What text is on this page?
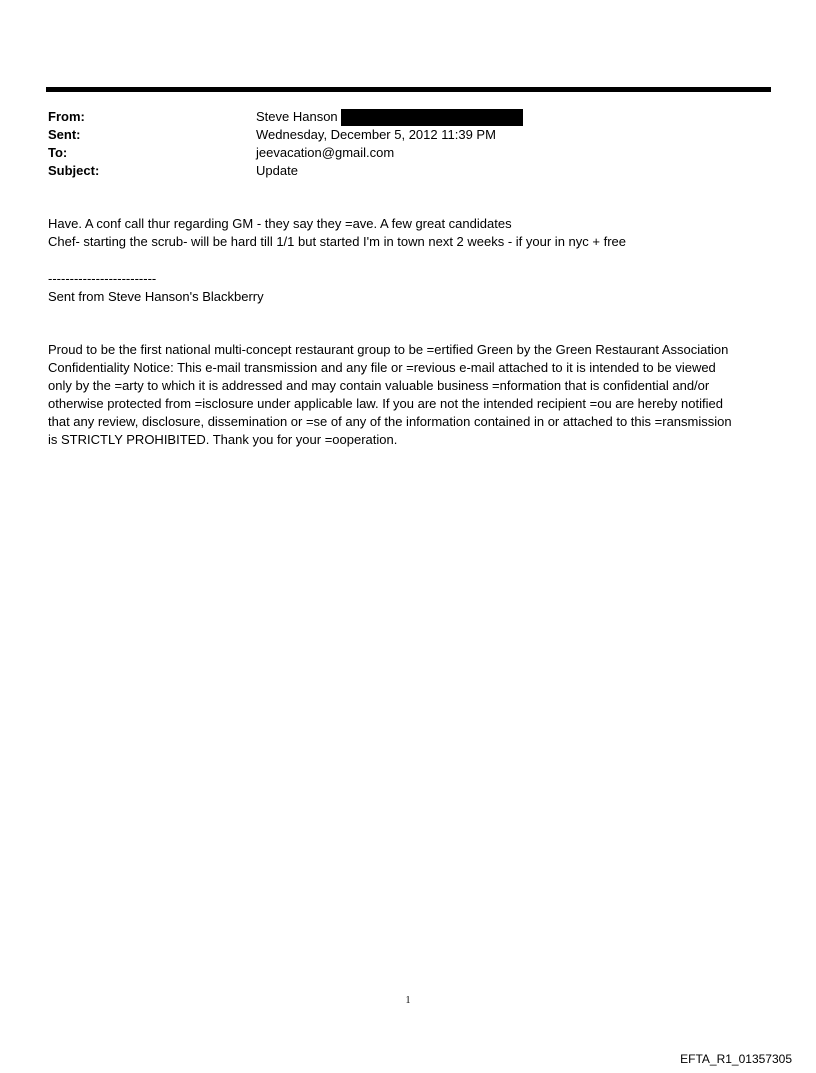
From:	Steve Hanson
Sent:	Wednesday, December 5, 2012 11:39 PM
To:	jeevacation@gmail.com
Subject:	Update

Have. A conf call thur regarding GM - they say they =ave. A few great candidates

Chef- starting the scrub- will be hard till 1/1 but started I'm in town next 2 weeks - if your in nyc + free

-------------------------

Sent from Steve Hanson's Blackberry

Proud to be the first national multi-concept restaurant group to be =ertified Green by the Green Restaurant Association

Confidentiality Notice: This e-mail transmission and any file or =revious e-mail attached to it is intended to be viewed

only by the =arty to which it is addressed and may contain valuable business =nformation that is confidential and/or

otherwise protected from =isclosure under applicable law. If you are not the intended recipient =ou are hereby notified

that any review, disclosure, dissemination or =se of any of the information contained in or attached to this =ransmission

is STRICTLY PROHIBITED. Thank you for your =ooperation.

1
EFTA_R1_01357305
